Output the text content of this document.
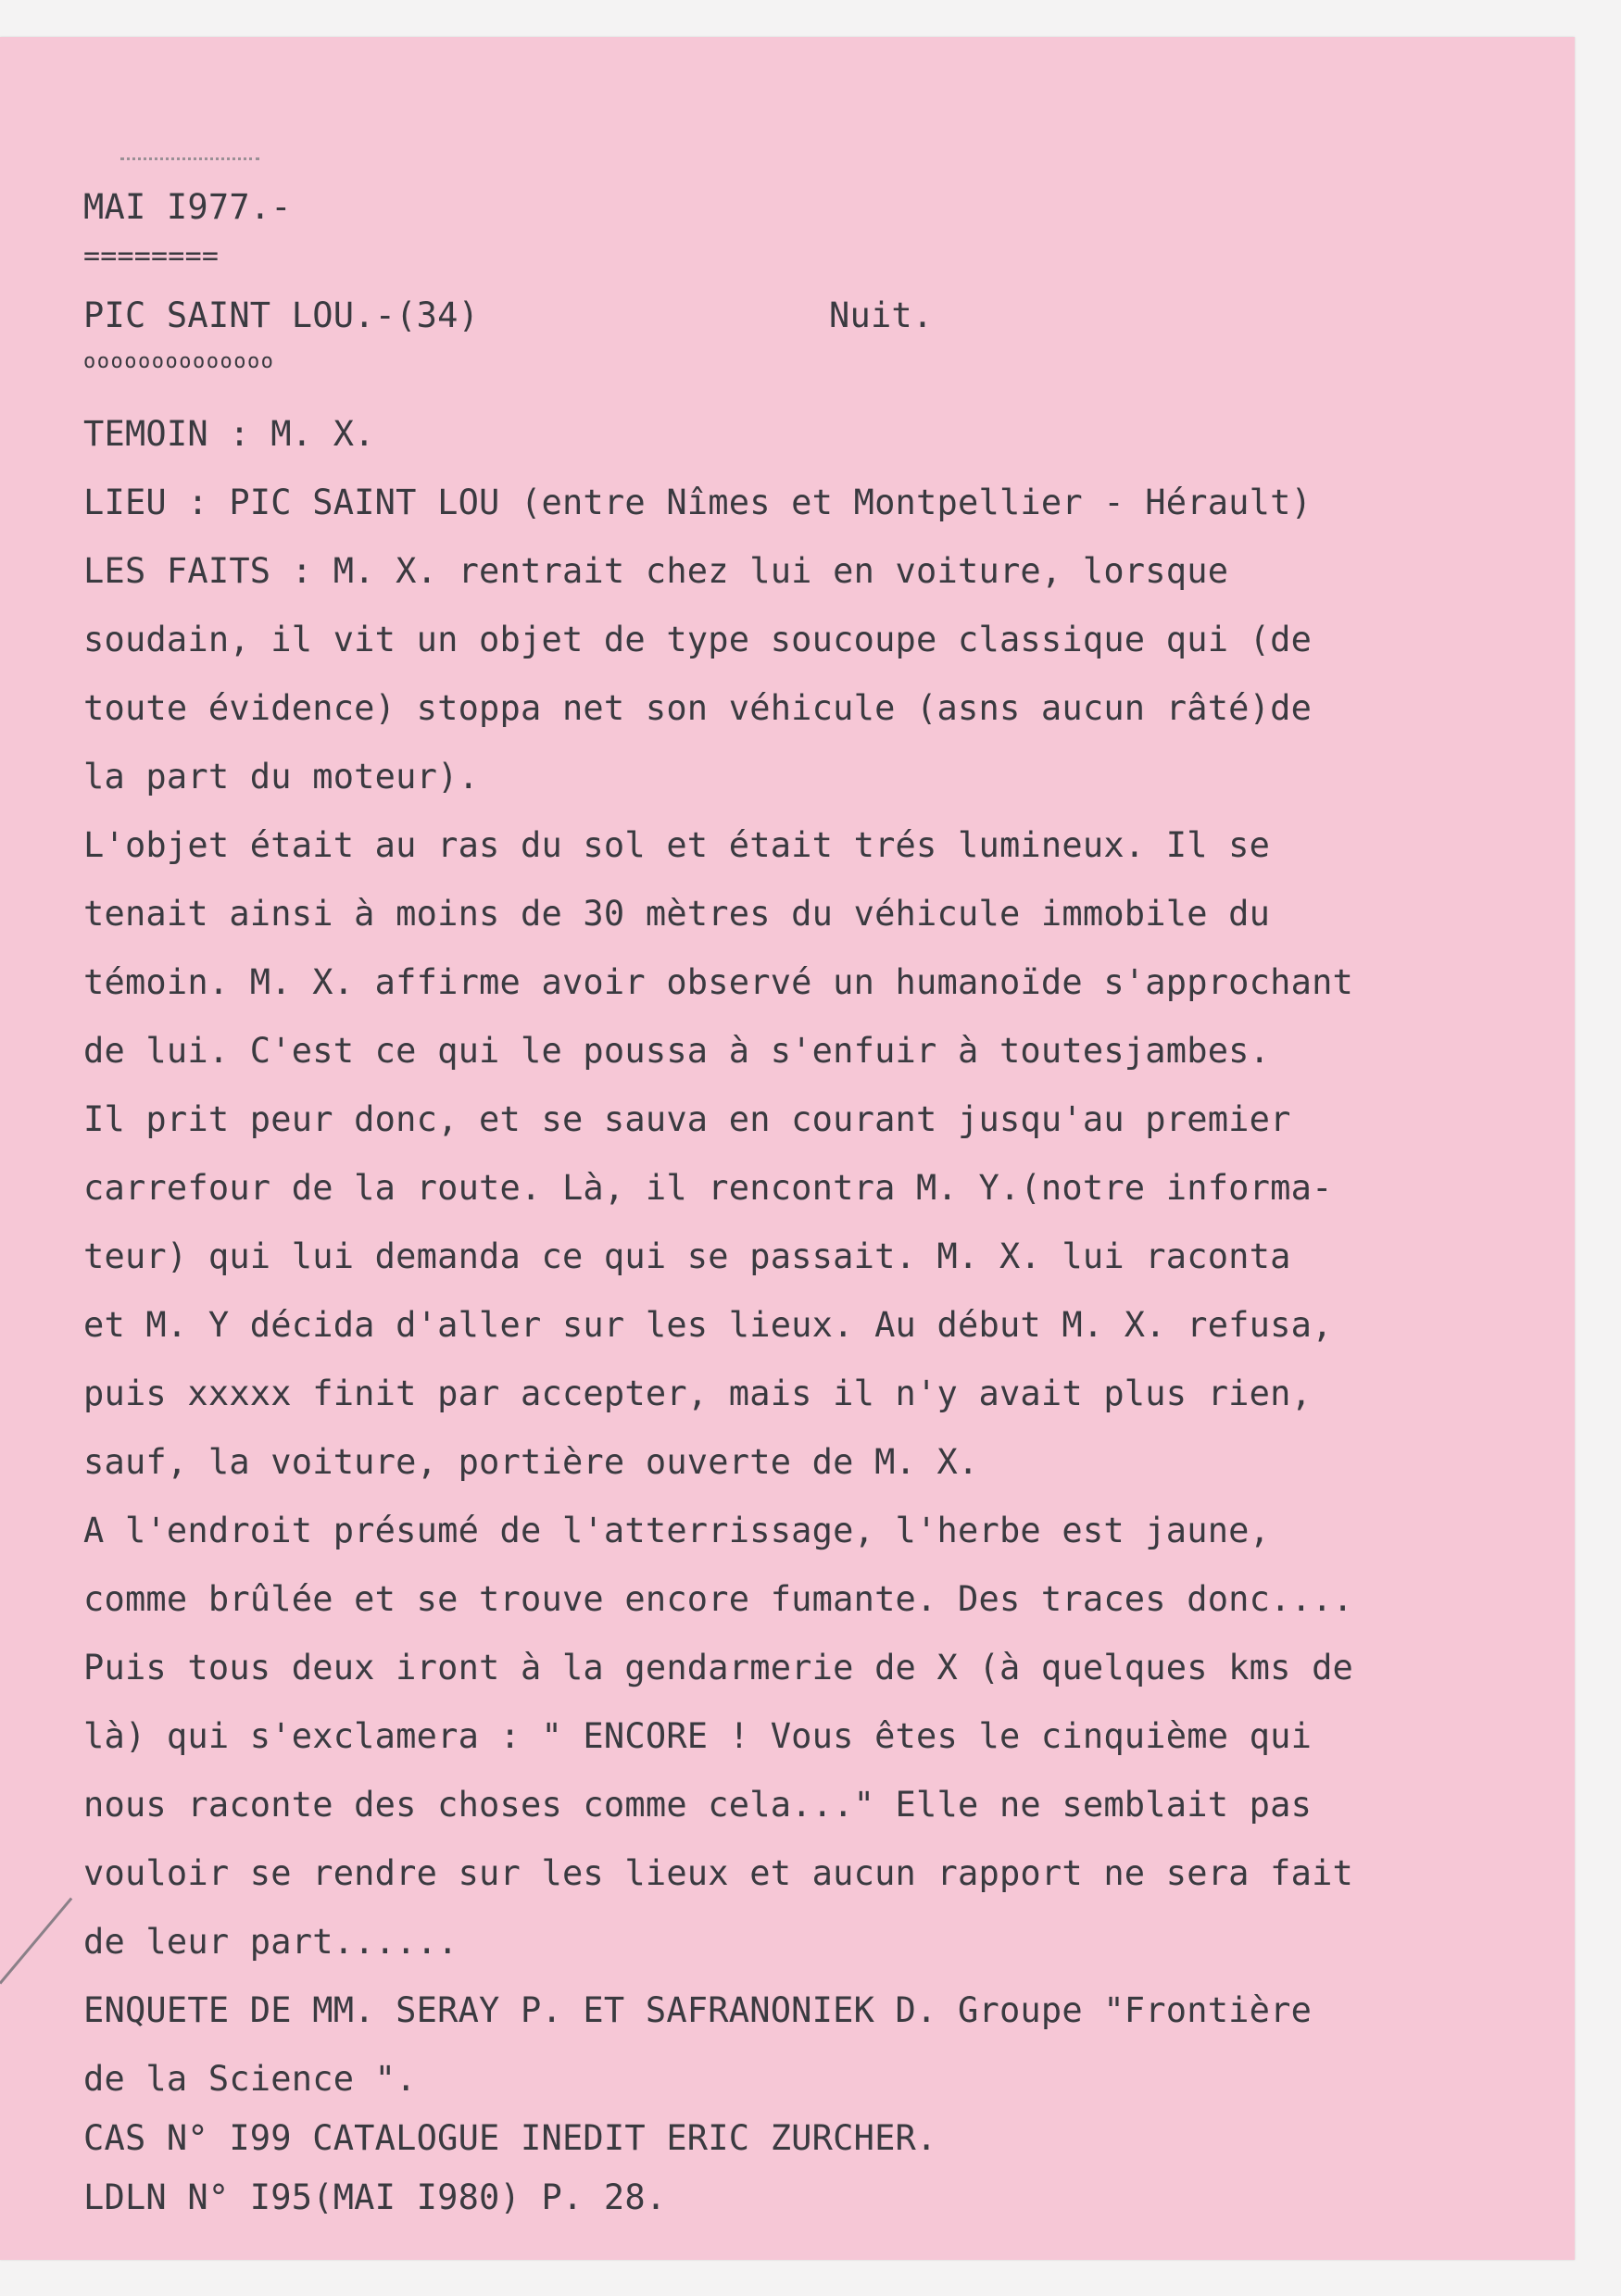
MAI I977.-
========
PIC SAINT LOU.-(34)	Nuit.
oooooooooooooo
TEMOIN : M. X.
LIEU : PIC SAINT LOU (entre Nîmes et Montpellier - Hérault)
LES FAITS : M. X. rentrait chez lui en voiture, lorsque
soudain, il vit un objet de type soucoupe classique qui (de
toute évidence) stoppa net son véhicule (asns aucun râté)de
la part du moteur).
L'objet était au ras du sol et était trés lumineux. Il se
tenait ainsi à moins de 30 mètres du véhicule immobile du
témoin. M. X. affirme avoir observé un humanoïde s'approchant
de lui. C'est ce qui le poussa à s'enfuir à toutesjambes.
Il prit peur donc, et se sauva en courant jusqu'au premier
carrefour de la route. Là, il rencontra M. Y.(notre informa-
teur) qui lui demanda ce qui se passait. M. X. lui raconta
et M. Y décida d'aller sur les lieux. Au début M. X. refusa,
puis xxxxx finit par accepter, mais il n'y avait plus rien,
sauf, la voiture, portière ouverte de M. X.
A l'endroit présumé de l'atterrissage, l'herbe est jaune,
comme brûlée et se trouve encore fumante. Des traces donc....
Puis tous deux iront à la gendarmerie de X (à quelques kms de
là) qui s'exclamera : " ENCORE ! Vous êtes le cinquième qui
nous raconte des choses comme cela..." Elle ne semblait pas
vouloir se rendre sur les lieux et aucun rapport ne sera fait
de leur part......
ENQUETE DE MM. SERAY P. ET SAFRANONIEK D. Groupe "Frontière
de la Science ".
CAS N° I99 CATALOGUE INEDIT ERIC ZURCHER.
LDLN N° I95(MAI I980) P. 28.
